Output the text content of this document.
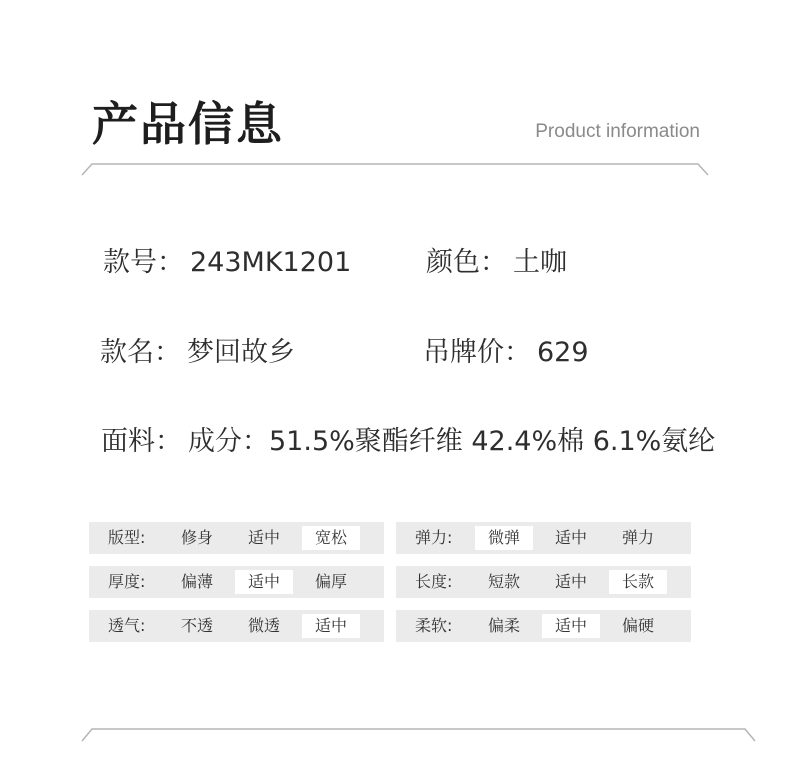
产品信息	Product information
款号： 243MK1201	颜色： 土咖
款名： 梦回故乡	吊牌价： 629
面料： 成分：51.5%聚酯纤维 42.4%棉 6.1%氨纶
版型:	修身	适中	宽松	弹力:	微弹	适中	弹力
厚度:	偏薄	适中	偏厚	长度:	短款	适中	长款
透气:	不透	微透	适中	柔软:	偏柔	适中	偏硬
